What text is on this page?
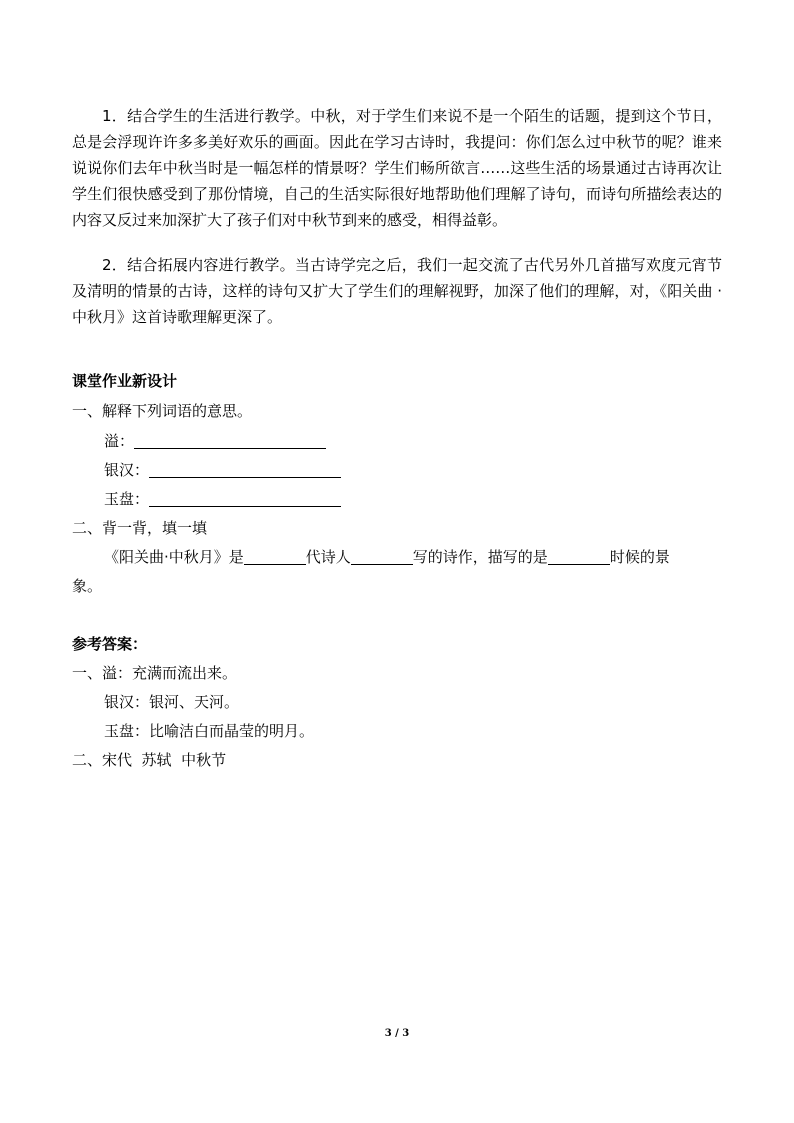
1．结合学生的生活进行教学。中秋，对于学生们来说不是一个陌生的话题，提到这个节日，总是会浮现许许多多美好欢乐的画面。因此在学习古诗时，我提问：你们怎么过中秋节的呢？谁来说说你们去年中秋当时是一幅怎样的情景呀？学生们畅所欲言……这些生活的场景通过古诗再次让学生们很快感受到了那份情境，自己的生活实际很好地帮助他们理解了诗句，而诗句所描绘表达的内容又反过来加深扩大了孩子们对中秋节到来的感受，相得益彰。

2．结合拓展内容进行教学。当古诗学完之后，我们一起交流了古代另外几首描写欢度元宵节及清明的情景的古诗，这样的诗句又扩大了学生们的理解视野，加深了他们的理解，对，《阳关曲 · 中秋月》这首诗歌理解更深了。

课堂作业新设计
一、解释下列词语的意思。
溢：
银汉：
玉盘：
二、背一背，填一填
《阳关曲·中秋月》是	代诗人	写的诗作，描写的是	时候的景
象。
参考答案：
一、溢：充满而流出来。
银汉：银河、天河。
玉盘：比喻洁白而晶莹的明月。
二、宋代  苏轼  中秋节
3 / 3
